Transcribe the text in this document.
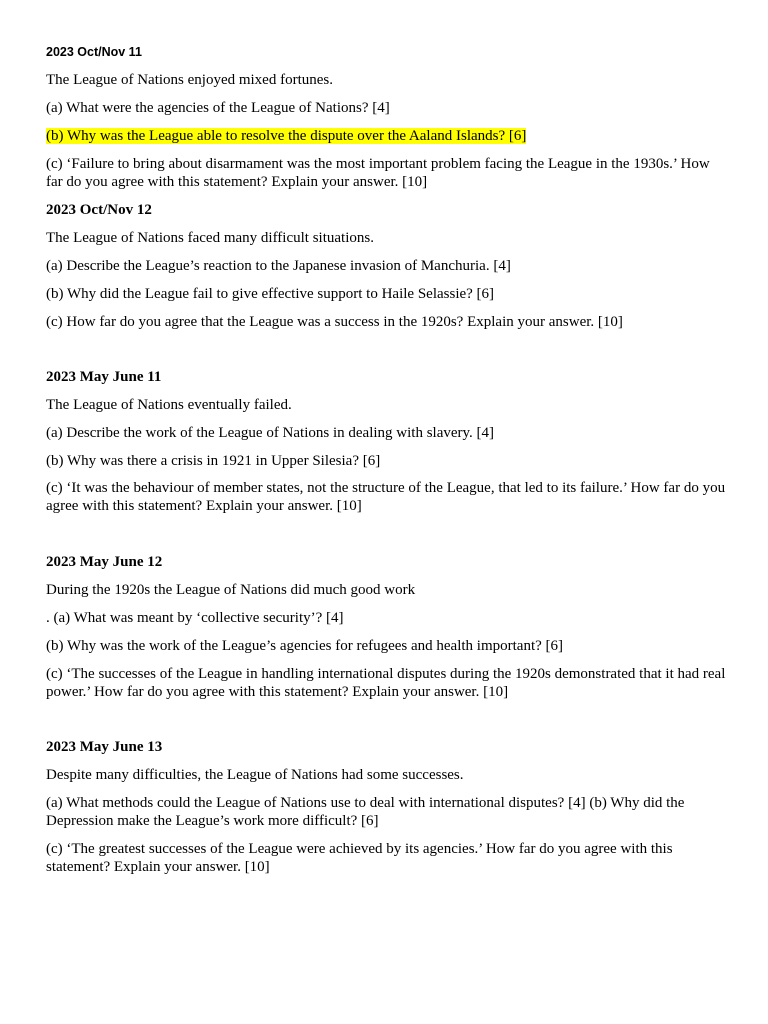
2023 Oct/Nov 11
The League of Nations enjoyed mixed fortunes.
(a) What were the agencies of the League of Nations? [4]
(b) Why was the League able to resolve the dispute over the Aaland Islands? [6]
(c) ‘Failure to bring about disarmament was the most important problem facing the League in the 1930s.’ How far do you agree with this statement? Explain your answer. [10]
2023 Oct/Nov 12
The League of Nations faced many difficult situations.
(a) Describe the League’s reaction to the Japanese invasion of Manchuria. [4]
(b) Why did the League fail to give effective support to Haile Selassie? [6]
(c) How far do you agree that the League was a success in the 1920s? Explain your answer. [10]
2023 May June 11
The League of Nations eventually failed.
(a) Describe the work of the League of Nations in dealing with slavery. [4]
(b) Why was there a crisis in 1921 in Upper Silesia? [6]
(c) ‘It was the behaviour of member states, not the structure of the League, that led to its failure.’ How far do you agree with this statement? Explain your answer. [10]
2023 May June 12
During the 1920s the League of Nations did much good work
. (a) What was meant by ‘collective security’? [4]
(b) Why was the work of the League’s agencies for refugees and health important? [6]
(c) ‘The successes of the League in handling international disputes during the 1920s demonstrated that it had real power.’ How far do you agree with this statement? Explain your answer. [10]
2023 May June 13
Despite many difficulties, the League of Nations had some successes.
(a) What methods could the League of Nations use to deal with international disputes? [4] (b) Why did the Depression make the League’s work more difficult? [6]
(c) ‘The greatest successes of the League were achieved by its agencies.’ How far do you agree with this statement? Explain your answer. [10]
